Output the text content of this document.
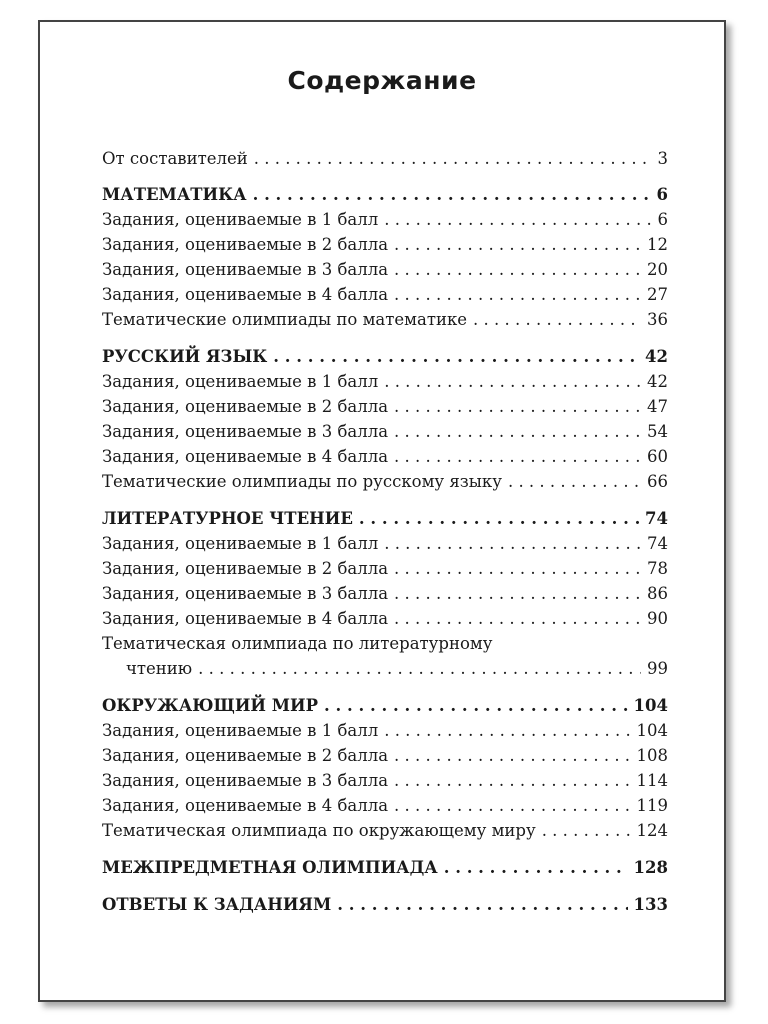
Содержание
От составителей . . .	3
МАТЕМАТИКА . . .	6
Задания, оцениваемые в 1 балл . . .	6
Задания, оцениваемые в 2 балла . . .	12
Задания, оцениваемые в 3 балла . . .	20
Задания, оцениваемые в 4 балла . . .	27
Тематические олимпиады по математике . . .	36
РУССКИЙ ЯЗЫК . . .	42
Задания, оцениваемые в 1 балл . . .	42
Задания, оцениваемые в 2 балла . . .	47
Задания, оцениваемые в 3 балла . . .	54
Задания, оцениваемые в 4 балла . . .	60
Тематические олимпиады по русскому языку . . .	66
ЛИТЕРАТУРНОЕ ЧТЕНИЕ . . .	74
Задания, оцениваемые в 1 балл . . .	74
Задания, оцениваемые в 2 балла . . .	78
Задания, оцениваемые в 3 балла . . .	86
Задания, оцениваемые в 4 балла . . .	90
Тематическая олимпиада по литературному
чтению . . .	99
ОКРУЖАЮЩИЙ МИР . . .	104
Задания, оцениваемые в 1 балл . . .	104
Задания, оцениваемые в 2 балла . . .	108
Задания, оцениваемые в 3 балла . . .	114
Задания, оцениваемые в 4 балла . . .	119
Тематическая олимпиада по окружающему миру . . .	124
МЕЖПРЕДМЕТНАЯ ОЛИМПИАДА . . .	128
ОТВЕТЫ К ЗАДАНИЯМ . . .	133
